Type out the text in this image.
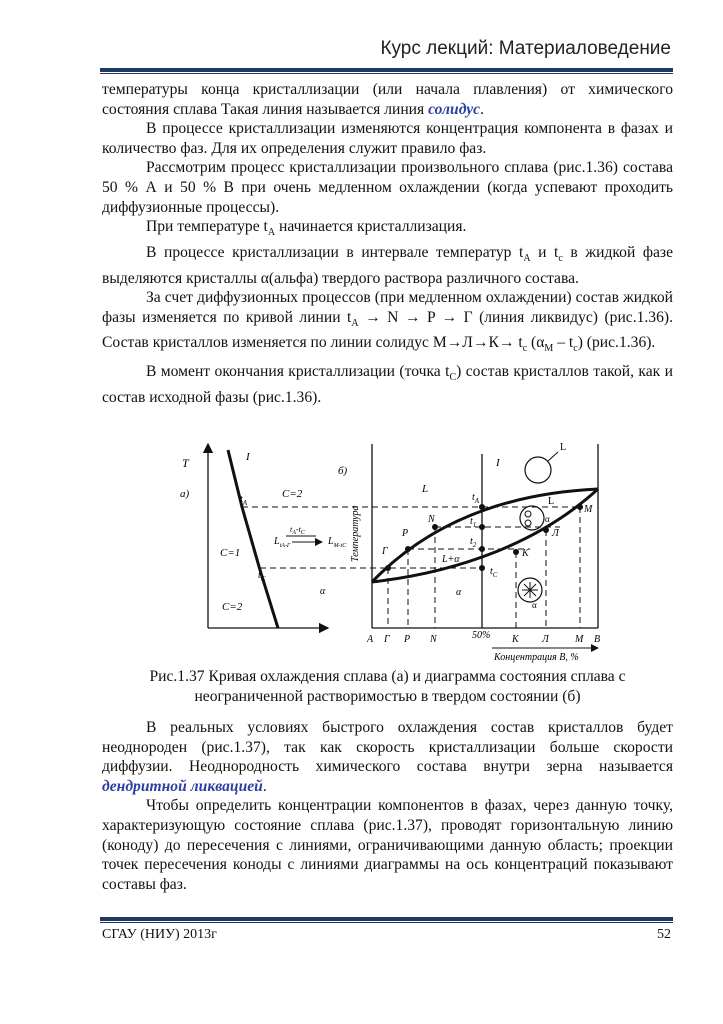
Курс лекций: Материаловедение

температуры конца кристаллизации (или начала плавления) от химического состояния сплава Такая линия называется линия солидус.

В процессе кристаллизации изменяются концентрация компонента в фазах и количество фаз. Для их определения служит правило фаз.

Рассмотрим процесс кристаллизации произвольного сплава (рис.1.36) состава 50 % А и 50 % В при очень медленном охлаждении (когда успевают проходить диффузионные процессы).

При температуре $t_A$ начинается кристаллизация.

В процессе кристаллизации в интервале температур $t_A$ и $t_c$ в жидкой фазе выделяются кристаллы α(альфа) твердого раствора различного состава.

За счет диффузионных процессов (при медленном охлаждении) состав жидкой фазы изменяется по кривой линии $t_A \to N \to P \to Г$ (линия ликвидус) (рис.1.36). Состав кристаллов изменяется по линии солидус $М\to Л\to К\to t_c$ $(\alpha_M - t_c)$ (рис.1.36).

В момент окончания кристаллизации (точка $t_C$) состав кристаллов такой, как и состав исходной фазы (рис.1.36).

T
а)
I
$t_A$
C=2
C=1
$t_C$
C=2
$t_A-t_C$
$L_{tA-Г}$	$L_{M-tC}$
б)
Температура
I
L
$t_A$
$t_1$
$t_2$
$t_C$
N
P
Г
M
Л
K
L+α
α	α
L
L
α
α
A Г P N	50% K Л	M B
Концентрация В, %
Рис.1.37 Кривая охлаждения сплава (а) и диаграмма состояния сплава с
неограниченной растворимостью в твердом состоянии (б)

В реальных условиях быстрого охлаждения состав кристаллов будет неоднороден (рис.1.37), так как скорость кристаллизации больше скорости диффузии. Неоднородность химического состава внутри зерна называется дендритной ликвацией.

Чтобы определить концентрации компонентов в фазах, через данную точку, характеризующую состояние сплава (рис.1.37), проводят горизонтальную линию (коноду) до пересечения с линиями, ограничивающими данную область; проекции точек пересечения коноды с линиями диаграммы на ось концентраций показывают составы фаз.

СГАУ (НИУ) 2013г	52
